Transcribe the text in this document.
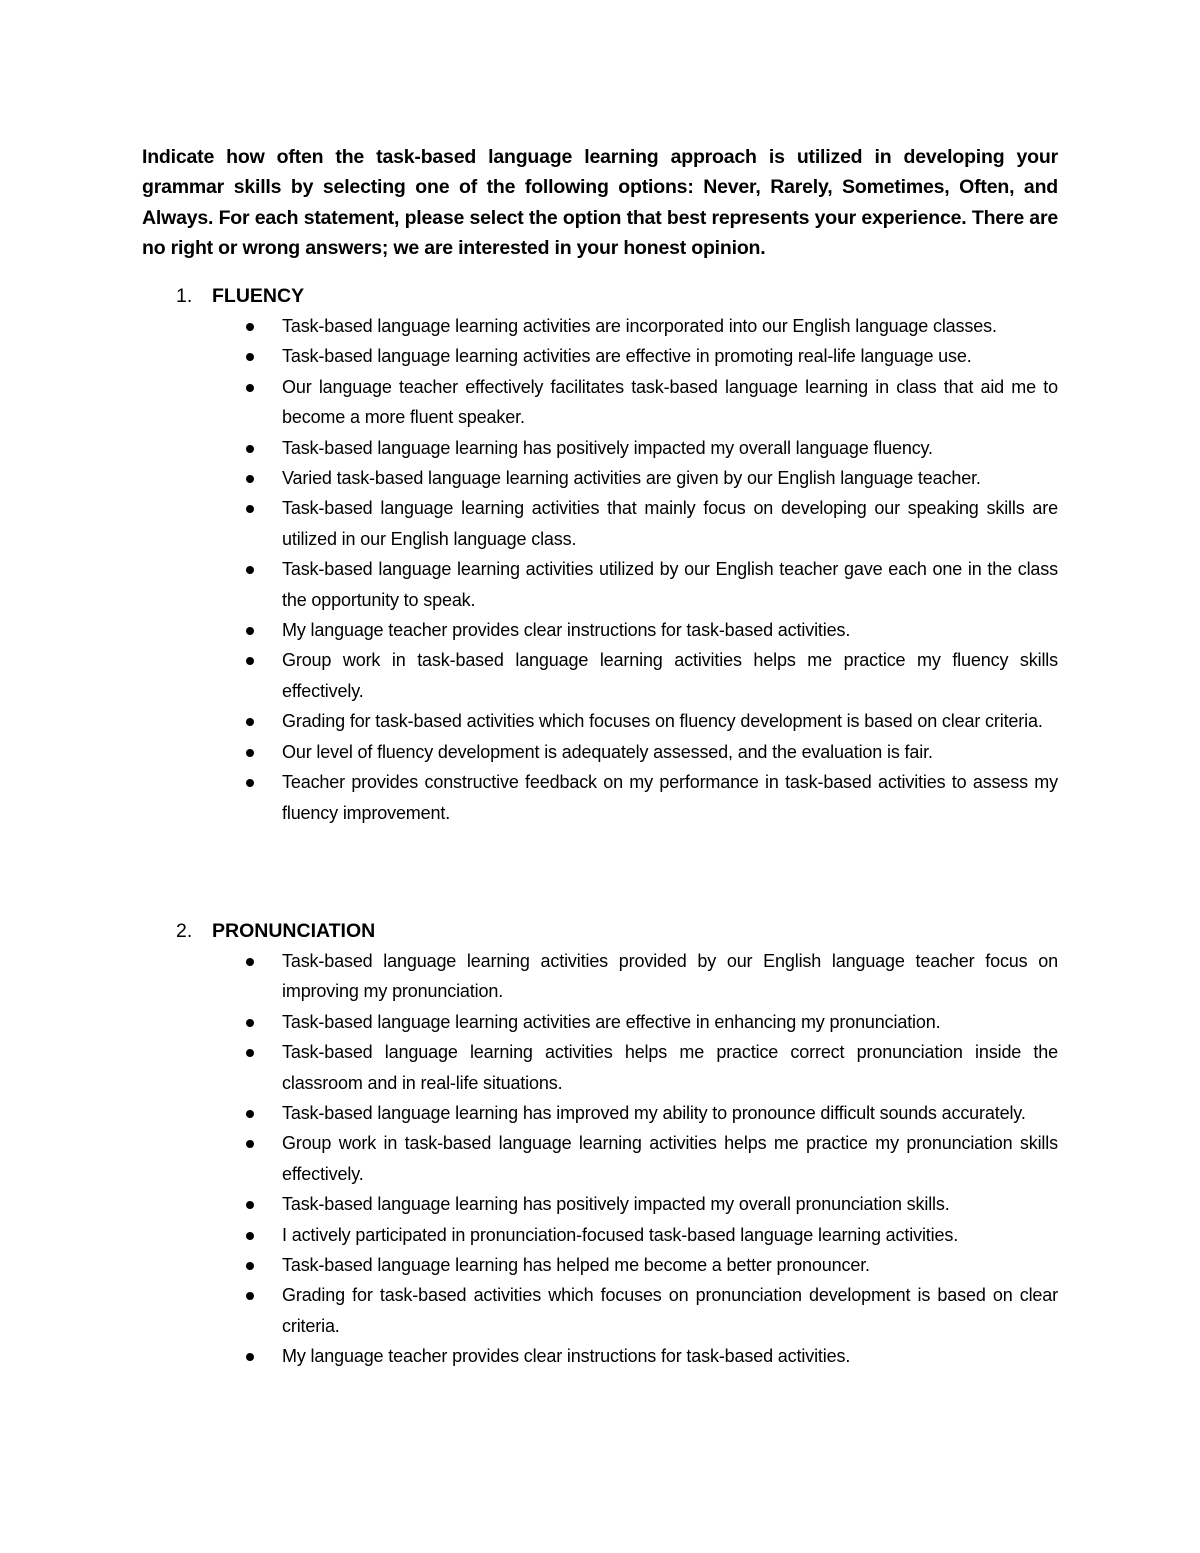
Indicate how often the task-based language learning approach is utilized in developing your grammar skills by selecting one of the following options: Never, Rarely, Sometimes, Often, and Always. For each statement, please select the option that best represents your experience. There are no right or wrong answers; we are interested in your honest opinion.

1. FLUENCY
Task-based language learning activities are incorporated into our English language classes.
Task-based language learning activities are effective in promoting real-life language use.
Our language teacher effectively facilitates task-based language learning in class that aid me to become a more fluent speaker.
Task-based language learning has positively impacted my overall language fluency.
Varied task-based language learning activities are given by our English language teacher.
Task-based language learning activities that mainly focus on developing our speaking skills are utilized in our English language class.
Task-based language learning activities utilized by our English teacher gave each one in the class the opportunity to speak.
My language teacher provides clear instructions for task-based activities.
Group work in task-based language learning activities helps me practice my fluency skills effectively.
Grading for task-based activities which focuses on fluency development is based on clear criteria.
Our level of fluency development is adequately assessed, and the evaluation is fair.
Teacher provides constructive feedback on my performance in task-based activities to assess my fluency improvement.
2. PRONUNCIATION
Task-based language learning activities provided by our English language teacher focus on improving my pronunciation.
Task-based language learning activities are effective in enhancing my pronunciation.
Task-based language learning activities helps me practice correct pronunciation inside the classroom and in real-life situations.
Task-based language learning has improved my ability to pronounce difficult sounds accurately.
Group work in task-based language learning activities helps me practice my pronunciation skills effectively.
Task-based language learning has positively impacted my overall pronunciation skills.
I actively participated in pronunciation-focused task-based language learning activities.
Task-based language learning has helped me become a better pronouncer.
Grading for task-based activities which focuses on pronunciation development is based on clear criteria.
My language teacher provides clear instructions for task-based activities.
